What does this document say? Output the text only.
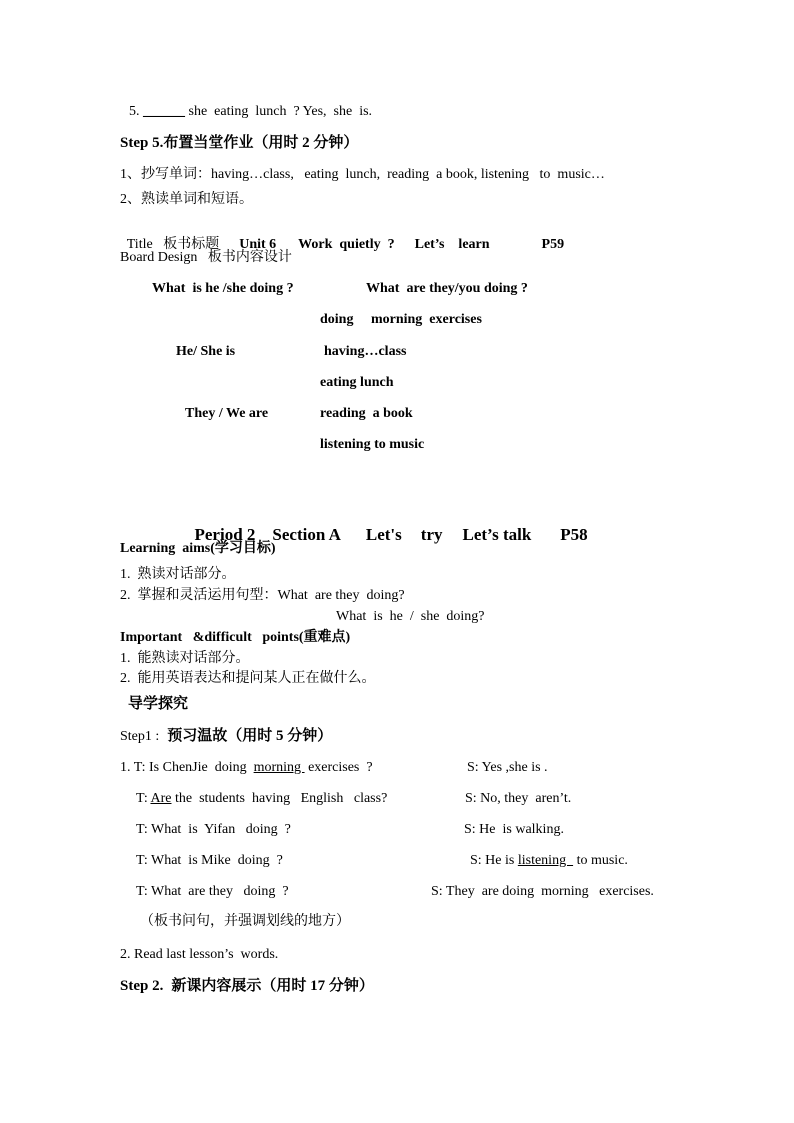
5. ______ she  eating  lunch  ? Yes,  she  is.
Step 5.布置当堂作业（用时 2 分钟）
1、抄写单词：having…class,   eating  lunch,  reading  a book, listening   to  music…
2、熟读单词和短语。

Title   板书标题 Unit 6 Work  quietly  ? Let’s    learn	P59

Board Design   板书内容设计
What  is he /she doing ?	What  are they/you doing ?
doing     morning  exercises
He/ She is	having…class
eating lunch
They / We are	reading  a book
listening to music

Period 2 Section A Let's try Let’s talk P58

Learning  aims(学习目标)
1.  熟读对话部分。
2.  掌握和灵活运用句型：What  are they  doing?
What  is  he  /  she  doing?
Important   &difficult   points(重难点)
1.  能熟读对话部分。
2.  能用英语表达和提问某人正在做什么。
导学探究
Step1 : 预习温故（用时 5 分钟）
1. T: Is ChenJie  doing  morning  exercises  ?	S: Yes ,she is .
T: Are the  students  having   English   class?	S: No, they  aren’t.
T: What  is  Yifan   doing  ?	S: He  is walking.
T: What  is Mike  doing  ?	S: He is listening   to music.
T: What  are they   doing  ?	S: They  are doing  morning   exercises.
（板书问句，并强调划线的地方）
2. Read last lesson’s  words.
Step 2. 新课内容展示（用时 17 分钟）
